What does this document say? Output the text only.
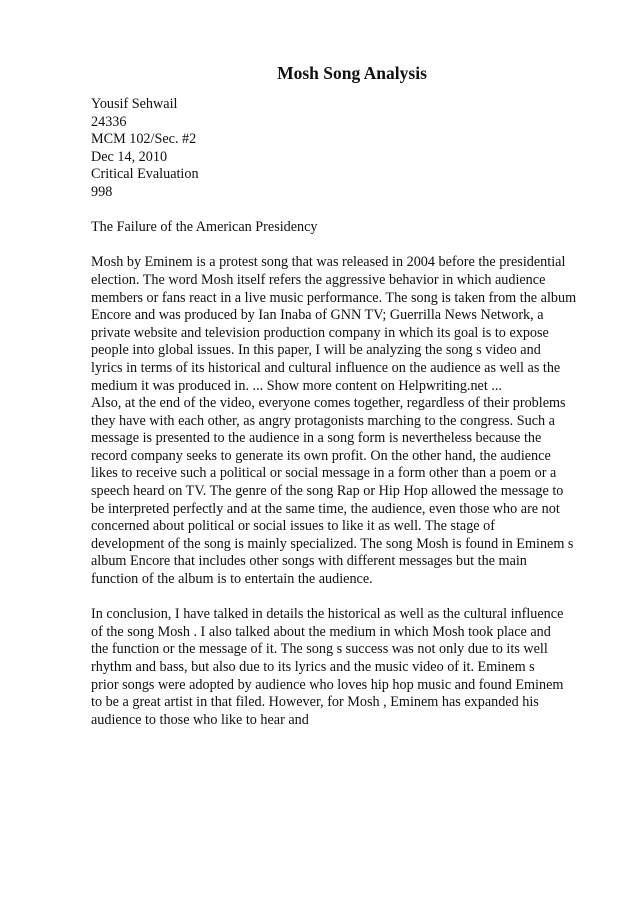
Mosh Song Analysis
Yousif Sehwail
24336
MCM 102/Sec. #2
Dec 14, 2010
Critical Evaluation
998
The Failure of the American Presidency
Mosh by Eminem is a protest song that was released in 2004 before the presidential
election. The word Mosh itself refers the aggressive behavior in which audience
members or fans react in a live music performance. The song is taken from the album
Encore and was produced by Ian Inaba of GNN TV; Guerrilla News Network, a
private website and television production company in which its goal is to expose
people into global issues. In this paper, I will be analyzing the song s video and
lyrics in terms of its historical and cultural influence on the audience as well as the
medium it was produced in. ... Show more content on Helpwriting.net ...
Also, at the end of the video, everyone comes together, regardless of their problems
they have with each other, as angry protagonists marching to the congress. Such a
message is presented to the audience in a song form is nevertheless because the
record company seeks to generate its own profit. On the other hand, the audience
likes to receive such a political or social message in a form other than a poem or a
speech heard on TV. The genre of the song Rap or Hip Hop allowed the message to
be interpreted perfectly and at the same time, the audience, even those who are not
concerned about political or social issues to like it as well. The stage of
development of the song is mainly specialized. The song Mosh is found in Eminem s
album Encore that includes other songs with different messages but the main
function of the album is to entertain the audience.
In conclusion, I have talked in details the historical as well as the cultural influence
of the song Mosh . I also talked about the medium in which Mosh took place and
the function or the message of it. The song s success was not only due to its well
rhythm and bass, but also due to its lyrics and the music video of it. Eminem s
prior songs were adopted by audience who loves hip hop music and found Eminem
to be a great artist in that filed. However, for Mosh , Eminem has expanded his
audience to those who like to hear and
